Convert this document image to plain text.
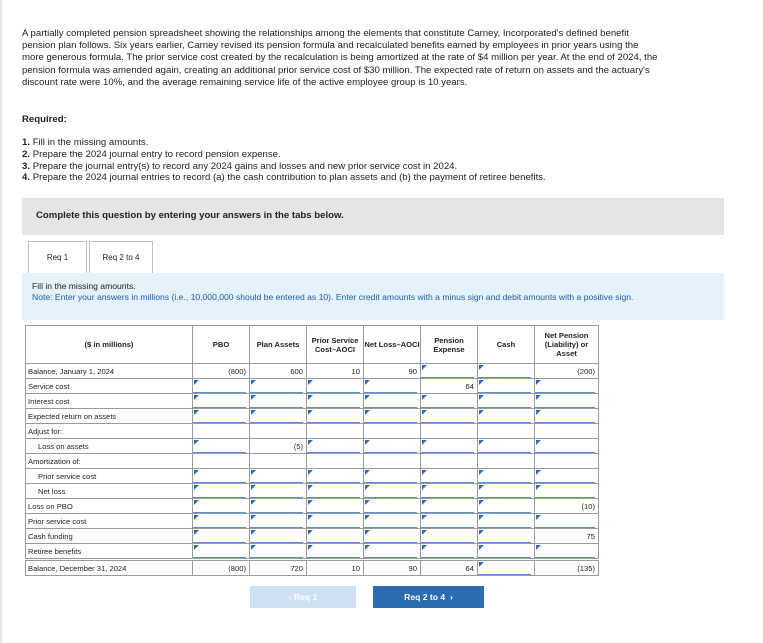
A partially completed pension spreadsheet showing the relationships among the elements that constitute Carney, Incorporated's defined benefit pension plan follows. Six years earlier, Carney revised its pension formula and recalculated benefits earned by employees in prior years using the more generous formula. The prior service cost created by the recalculation is being amortized at the rate of $4 million per year. At the end of 2024, the pension formula was amended again, creating an additional prior service cost of $30 million. The expected rate of return on assets and the actuary's discount rate were 10%, and the average remaining service life of the active employee group is 10 years.
Required:
1. Fill in the missing amounts.
2. Prepare the 2024 journal entry to record pension expense.
3. Prepare the journal entry(s) to record any 2024 gains and losses and new prior service cost in 2024.
4. Prepare the 2024 journal entries to record (a) the cash contribution to plan assets and (b) the payment of retiree benefits.
Complete this question by entering your answers in the tabs below.
Req 1	Req 2 to 4
Fill in the missing amounts.
Note: Enter your answers in millions (i.e., 10,000,000 should be entered as 10). Enter credit amounts with a minus sign and debit amounts with a positive sign.
($ in millions)	PBO	Plan Assets	Prior Service Cost–AOCI	Net Loss–AOCI	Pension Expense	Cash	Net Pension (Liability) or Asset
Balance, January 1, 2024	(800)	600	10	90			(200)
Service cost					64		
Interest cost							
Expected return on assets							
Adjust for:							
Loss on assets		(5)					
Amortization of:							
Prior service cost							
Net loss							
Loss on PBO							(10)
Prior service cost							
Cash funding							75
Retiree benefits							

Balance, December 31, 2024	(800)	720	10	90	64		(135)
‹ Req 1	Req 2 to 4  ›
